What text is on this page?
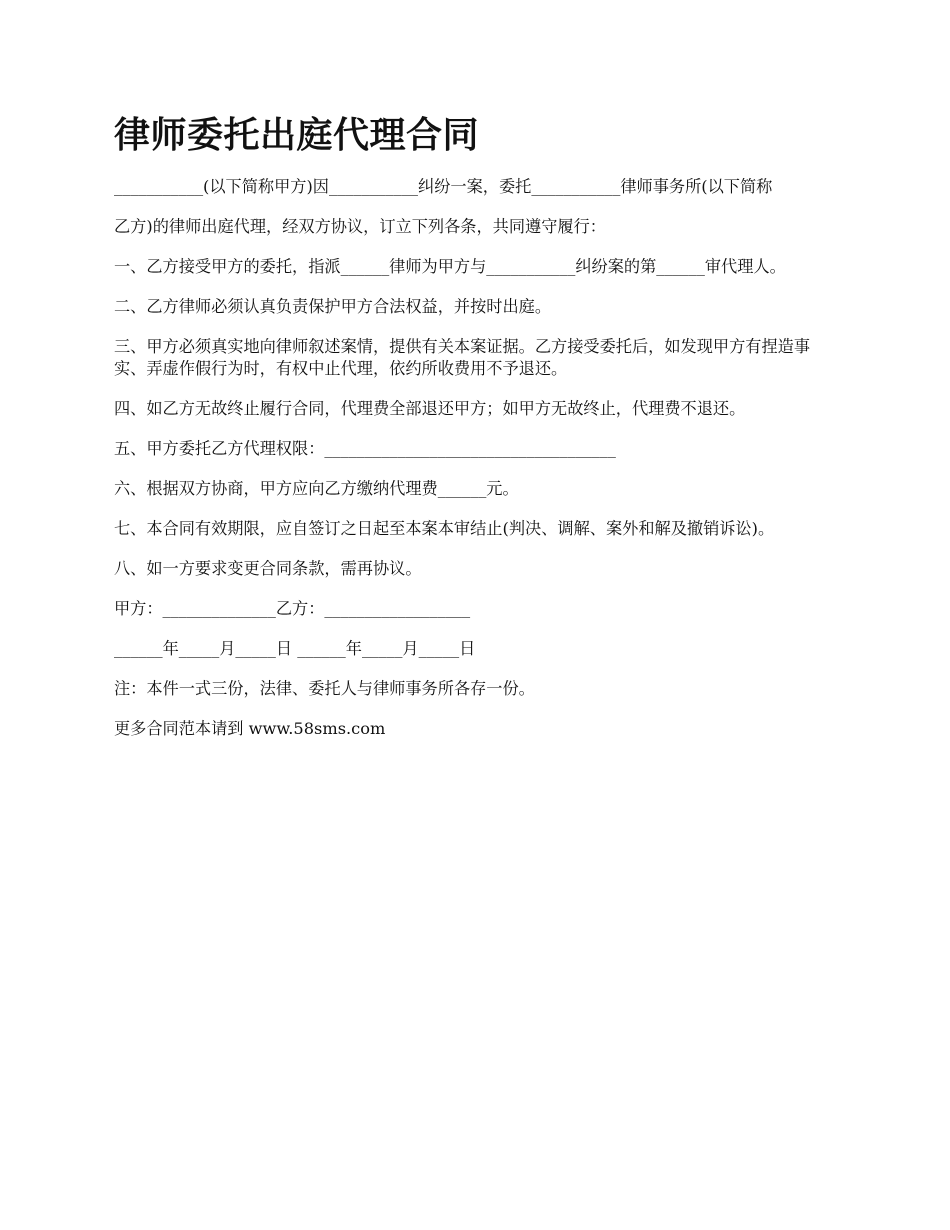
律师委托出庭代理合同

___________(以下简称甲方)因___________纠纷一案，委托___________律师事务所(以下简称

乙方)的律师出庭代理，经双方协议，订立下列各条，共同遵守履行：

一、乙方接受甲方的委托，指派______律师为甲方与___________纠纷案的第______审代理人。

二、乙方律师必须认真负责保护甲方合法权益，并按时出庭。

三、甲方必须真实地向律师叙述案情，提供有关本案证据。乙方接受委托后，如发现甲方有捏造事实、弄虚作假行为时，有权中止代理，依约所收费用不予退还。

四、如乙方无故终止履行合同，代理费全部退还甲方；如甲方无故终止，代理费不退还。

五、甲方委托乙方代理权限：____________________________________

六、根据双方协商，甲方应向乙方缴纳代理费______元。

七、本合同有效期限，应自签订之日起至本案本审结止(判决、调解、案外和解及撤销诉讼)。

八、如一方要求变更合同条款，需再协议。

甲方：______________乙方：__________________

______年_____月_____日 ______年_____月_____日

注：本件一式三份，法律、委托人与律师事务所各存一份。

更多合同范本请到 www.58sms.com
